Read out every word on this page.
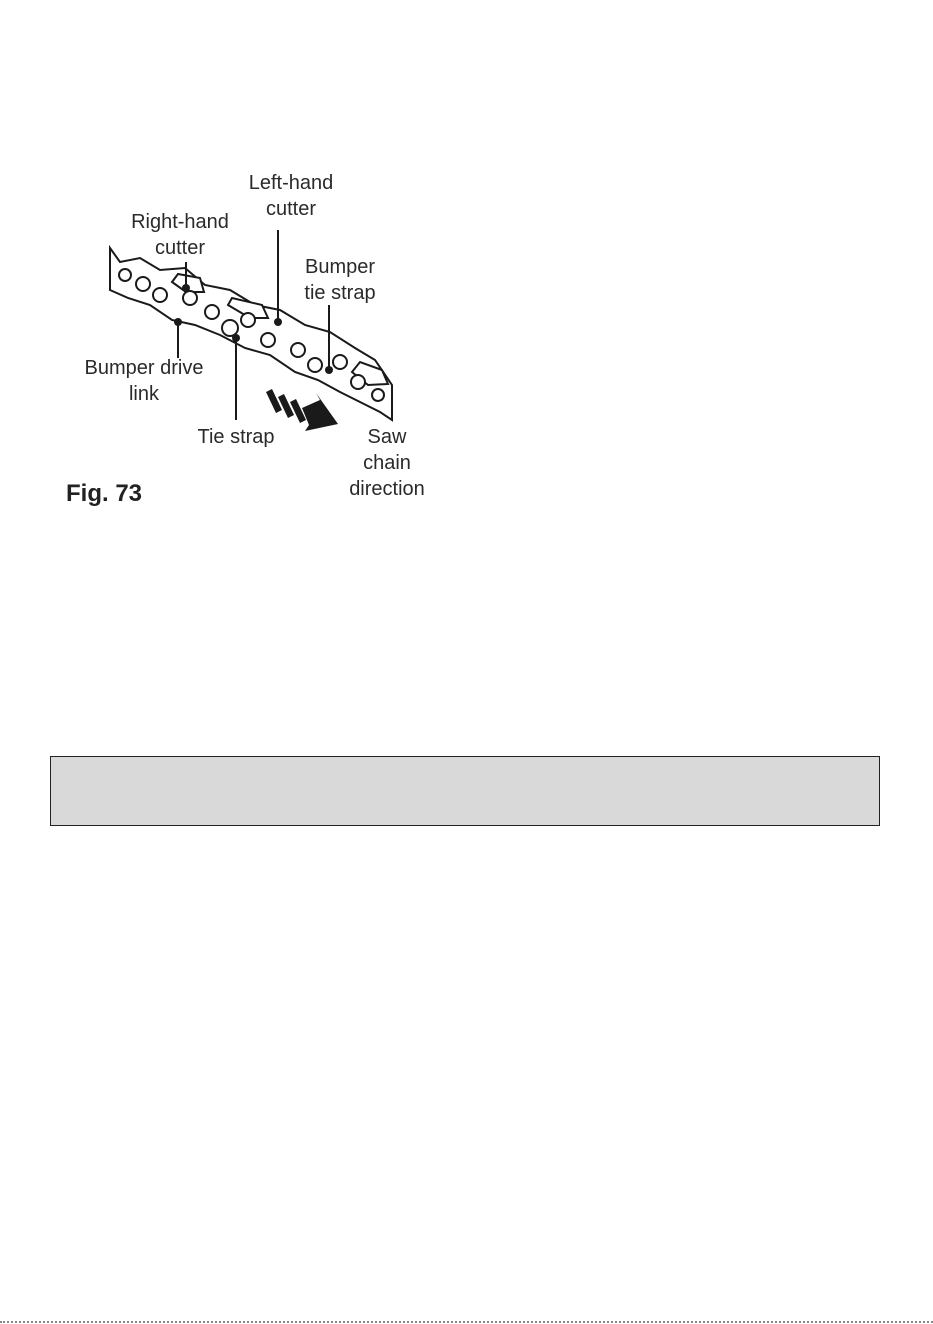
Left-hand
cutter
Right-hand
cutter
Bumper
tie strap
Bumper drive
link
Tie strap	Saw
chain
direction
Fig. 73
